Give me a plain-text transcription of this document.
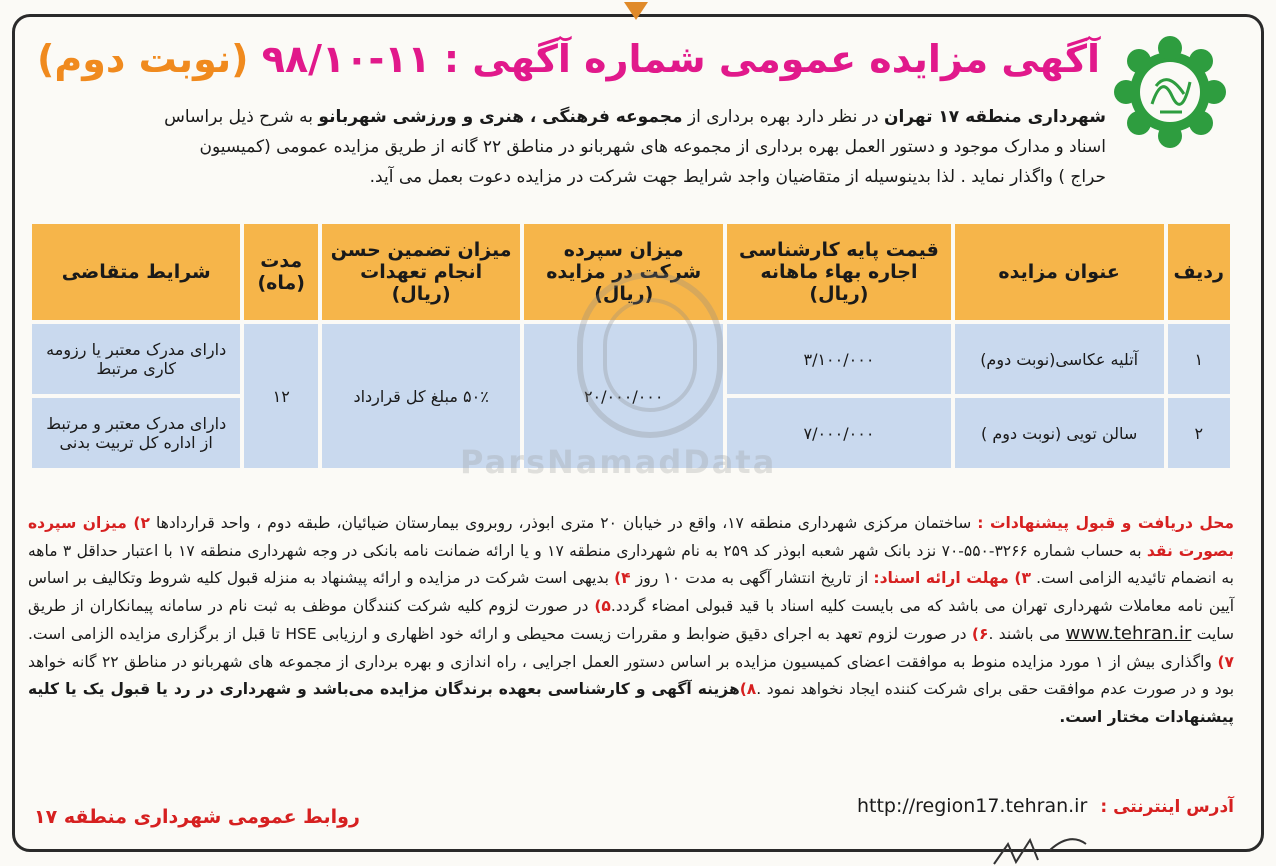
آگهی مزایده عمومی شماره آگهی : ۱۱-۹۸/۱۰ (نوبت دوم)
شهرداری منطقه ۱۷ تهران در نظر دارد بهره برداری از مجموعه فرهنگی ، هنری و ورزشی شهربانو به شرح ذیل براساس اسناد و مدارک موجود و دستور العمل بهره برداری از مجموعه های شهربانو در مناطق ۲۲ گانه از طریق مزایده عمومی (کمیسیون حراج ) واگذار نماید . لذا بدینوسیله از متقاضیان واجد شرایط جهت شرکت در مزایده دعوت بعمل می آید.
ردیف	عنوان مزایده	قیمت پایه کارشناسی اجاره بهاء ماهانه (ریال)	میزان سپرده شرکت در مزایده (ریال)	میزان تضمین حسن انجام تعهدات (ریال)	مدت (ماه)	شرایط متقاضی
۱	آتلیه عکاسی(نوبت دوم)	۳/۱۰۰/۰۰۰	۲۰/۰۰۰/۰۰۰	۵۰٪ مبلغ کل قرارداد	۱۲	دارای مدرک معتبر یا رزومه کاری مرتبط
۲	سالن تویی (نوبت دوم )	۷/۰۰۰/۰۰۰				دارای مدرک معتبر و مرتبط از اداره کل تربیت بدنی
ParsNamadData
محل دریافت و قبول پیشنهادات : ساختمان مرکزی شهرداری منطقه ۱۷، واقع در خیابان ۲۰ متری ابوذر، روبروی بیمارستان ضیائیان، طبقه دوم ، واحد قراردادها ۲) میزان سپرده بصورت نقد به حساب شماره ۳۲۶۶-۵۵۰-۷۰ نزد بانک شهر شعبه ابوذر کد ۲۵۹ به نام شهرداری منطقه ۱۷ و یا ارائه ضمانت نامه بانکی در وجه شهرداری منطقه ۱۷ با اعتبار حداقل ۳ ماهه به انضمام تائیدیه الزامی است. ۳) مهلت ارائه اسناد: از تاریخ انتشار آگهی به مدت ۱۰ روز ۴) بدیهی است شرکت در مزایده و ارائه پیشنهاد به منزله قبول کلیه شروط وتکالیف بر اساس آیین نامه معاملات شهرداری تهران می باشد که می بایست کلیه اسناد با قید قبولی امضاء گردد.۵) در صورت لزوم کلیه شرکت کنندگان موظف به ثبت نام در سامانه پیمانکاران از طریق سایت www.tehran.ir می باشند .۶) در صورت لزوم تعهد به اجرای دقیق ضوابط و مقررات زیست محیطی و ارائه خود اظهاری و ارزیابی HSE تا قبل از برگزاری مزایده الزامی است. ۷) واگذاری بیش از ۱ مورد مزایده منوط به موافقت اعضای کمیسیون مزایده بر اساس دستور العمل اجرایی ، راه اندازی و بهره برداری از مجموعه های شهربانو در مناطق ۲۲ گانه خواهد بود و در صورت عدم موافقت حقی برای شرکت کننده ایجاد نخواهد نمود .۸)هزینه آگهی و کارشناسی بعهده برندگان مزایده می‌باشد و شهرداری در رد یا قبول یک یا کلیه پیشنهادات مختار است.
آدرس اینترنتی : http://region17.tehran.ir
روابط عمومی شهرداری منطقه ۱۷
